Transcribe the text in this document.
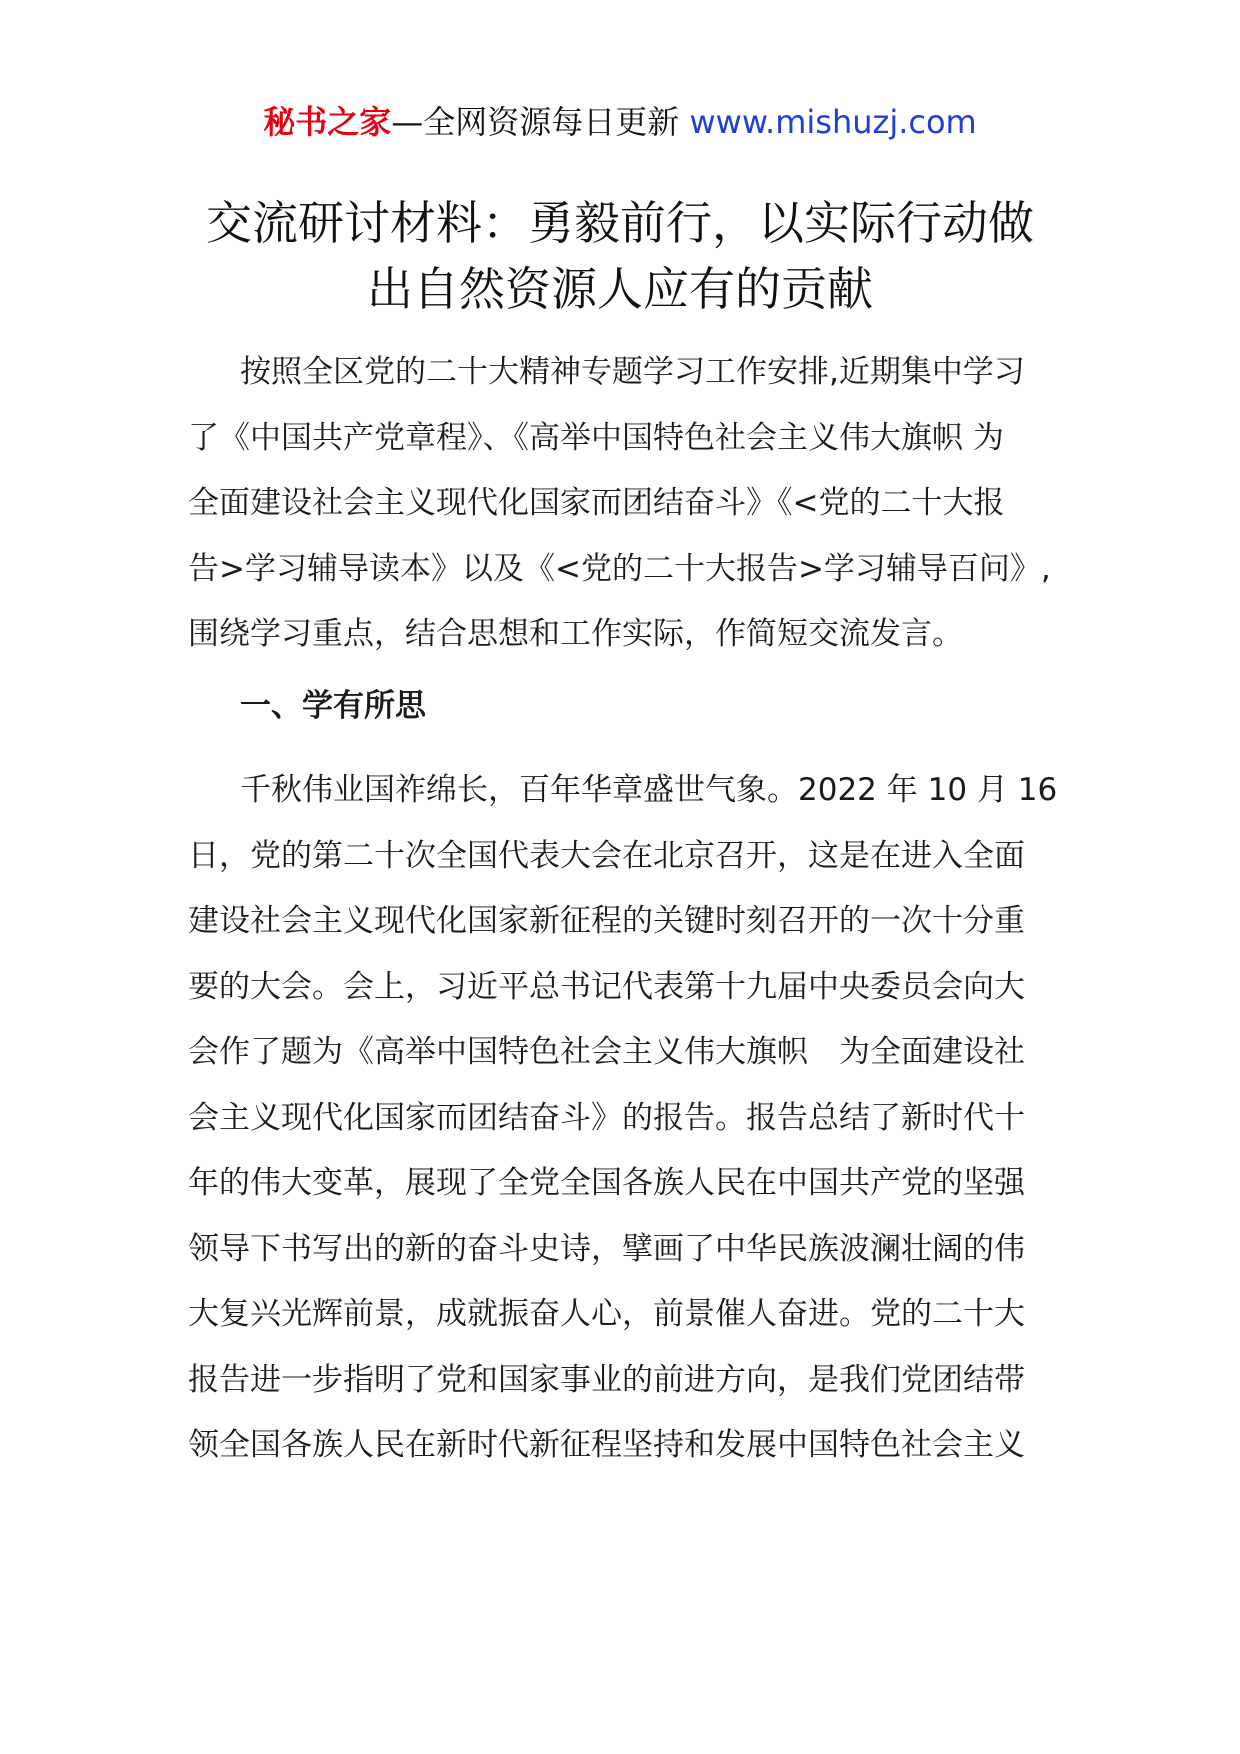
秘书之家—全网资源每日更新 www.mishuzj.com
交流研讨材料：勇毅前行，以实际行动做
出自然资源人应有的贡献
按照全区党的二十大精神专题学习工作安排,近期集中学习
了《中国共产党章程》、《高举中国特色社会主义伟大旗帜 为
全面建设社会主义现代化国家而团结奋斗》《<党的二十大报
告>学习辅导读本》以及《<党的二十大报告>学习辅导百问》,
围绕学习重点，结合思想和工作实际，作简短交流发言。
一、学有所思
千秋伟业国祚绵长，百年华章盛世气象。2022 年 10 月 16
日，党的第二十次全国代表大会在北京召开，这是在进入全面
建设社会主义现代化国家新征程的关键时刻召开的一次十分重
要的大会。会上，习近平总书记代表第十九届中央委员会向大
会作了题为《高举中国特色社会主义伟大旗帜　为全面建设社
会主义现代化国家而团结奋斗》的报告。报告总结了新时代十
年的伟大变革，展现了全党全国各族人民在中国共产党的坚强
领导下书写出的新的奋斗史诗，擘画了中华民族波澜壮阔的伟
大复兴光辉前景，成就振奋人心，前景催人奋进。党的二十大
报告进一步指明了党和国家事业的前进方向，是我们党团结带
领全国各族人民在新时代新征程坚持和发展中国特色社会主义
